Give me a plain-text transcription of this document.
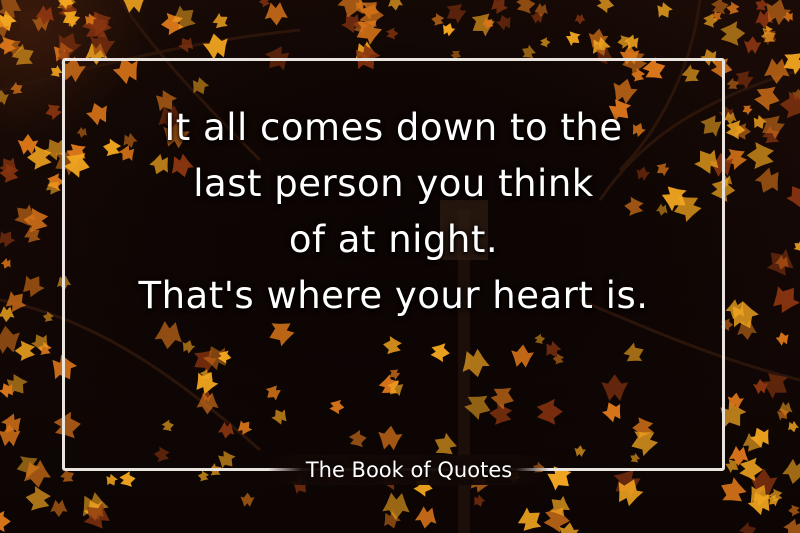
It all comes down to the
last person you think
of at night.
That's where your heart is.

The Book of Quotes
